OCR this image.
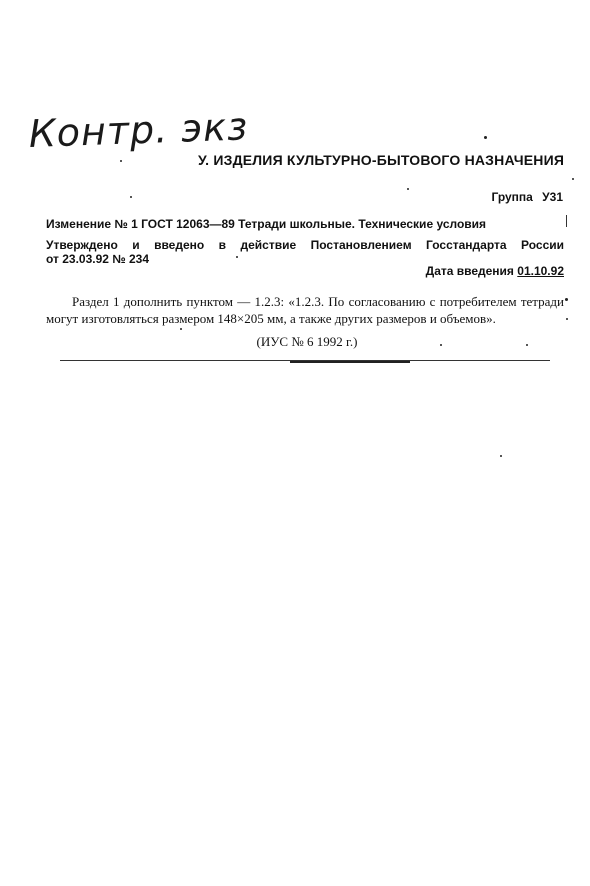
Контр. экз
У. ИЗДЕЛИЯ КУЛЬТУРНО-БЫТОВОГО НАЗНАЧЕНИЯ
Группа У31
Изменение № 1 ГОСТ 12063—89 Тетради школьные. Технические условия
Утверждено и введено в действие Постановлением Госстандарта России
от 23.03.92 № 234
Дата введения 01.10.92
Раздел 1 дополнить пунктом — 1.2.3: «1.2.3. По согласованию с потребителем тетради могут изготовляться размером 148×205 мм, а также других размеров и объемов».
(ИУС № 6 1992 г.)
